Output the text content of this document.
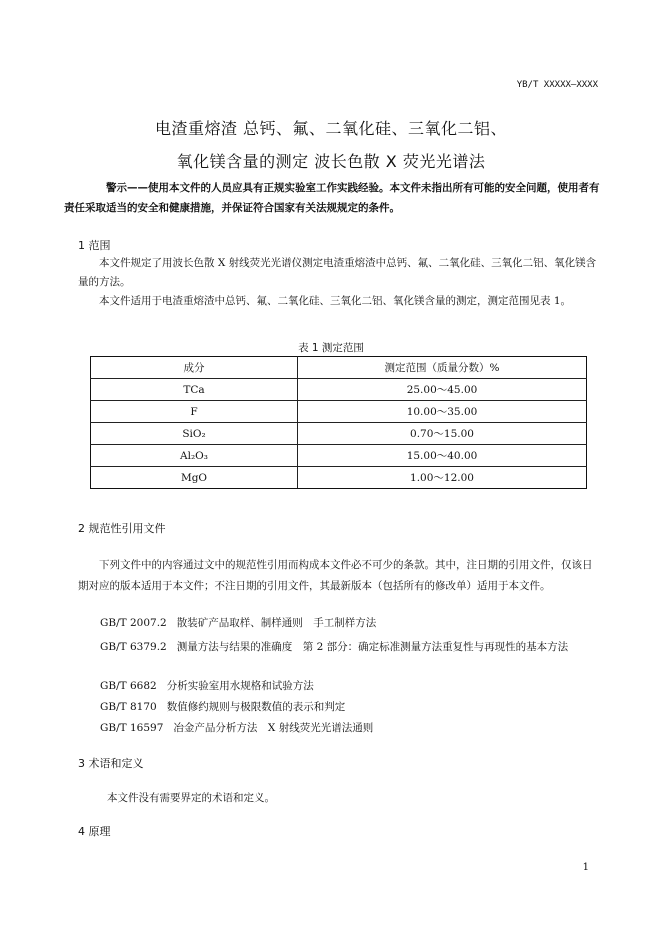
YB/T XXXXX—XXXX
电渣重熔渣 总钙、氟、二氧化硅、三氧化二铝、
氧化镁含量的测定 波长色散 X 荧光光谱法
警示——使用本文件的人员应具有正规实验室工作实践经验。本文件未指出所有可能的安全问题，使用者有责任采取适当的安全和健康措施，并保证符合国家有关法规规定的条件。
1 范围
本文件规定了用波长色散 X 射线荧光光谱仪测定电渣重熔渣中总钙、氟、二氧化硅、三氧化二铝、氧化镁含量的方法。
本文件适用于电渣重熔渣中总钙、氟、二氧化硅、三氧化二铝、氧化镁含量的测定，测定范围见表 1。
表 1 测定范围
成分	测定范围（质量分数）%
TCa	25.00～45.00
F	10.00～35.00
SiO₂	0.70～15.00
Al₂O₃	15.00～40.00
MgO	1.00～12.00
2 规范性引用文件
下列文件中的内容通过文中的规范性引用而构成本文件必不可少的条款。其中，注日期的引用文件，仅该日期对应的版本适用于本文件；不注日期的引用文件，其最新版本（包括所有的修改单）适用于本文件。
GB/T 2007.2 散装矿产品取样、制样通则　手工制样方法
GB/T 6379.2 测量方法与结果的准确度　第 2 部分：确定标准测量方法重复性与再现性的基本方法
GB/T 6682 分析实验室用水规格和试验方法
GB/T 8170 数值修约规则与极限数值的表示和判定
GB/T 16597 冶金产品分析方法　X 射线荧光光谱法通则
3 术语和定义
本文件没有需要界定的术语和定义。
4 原理
1
